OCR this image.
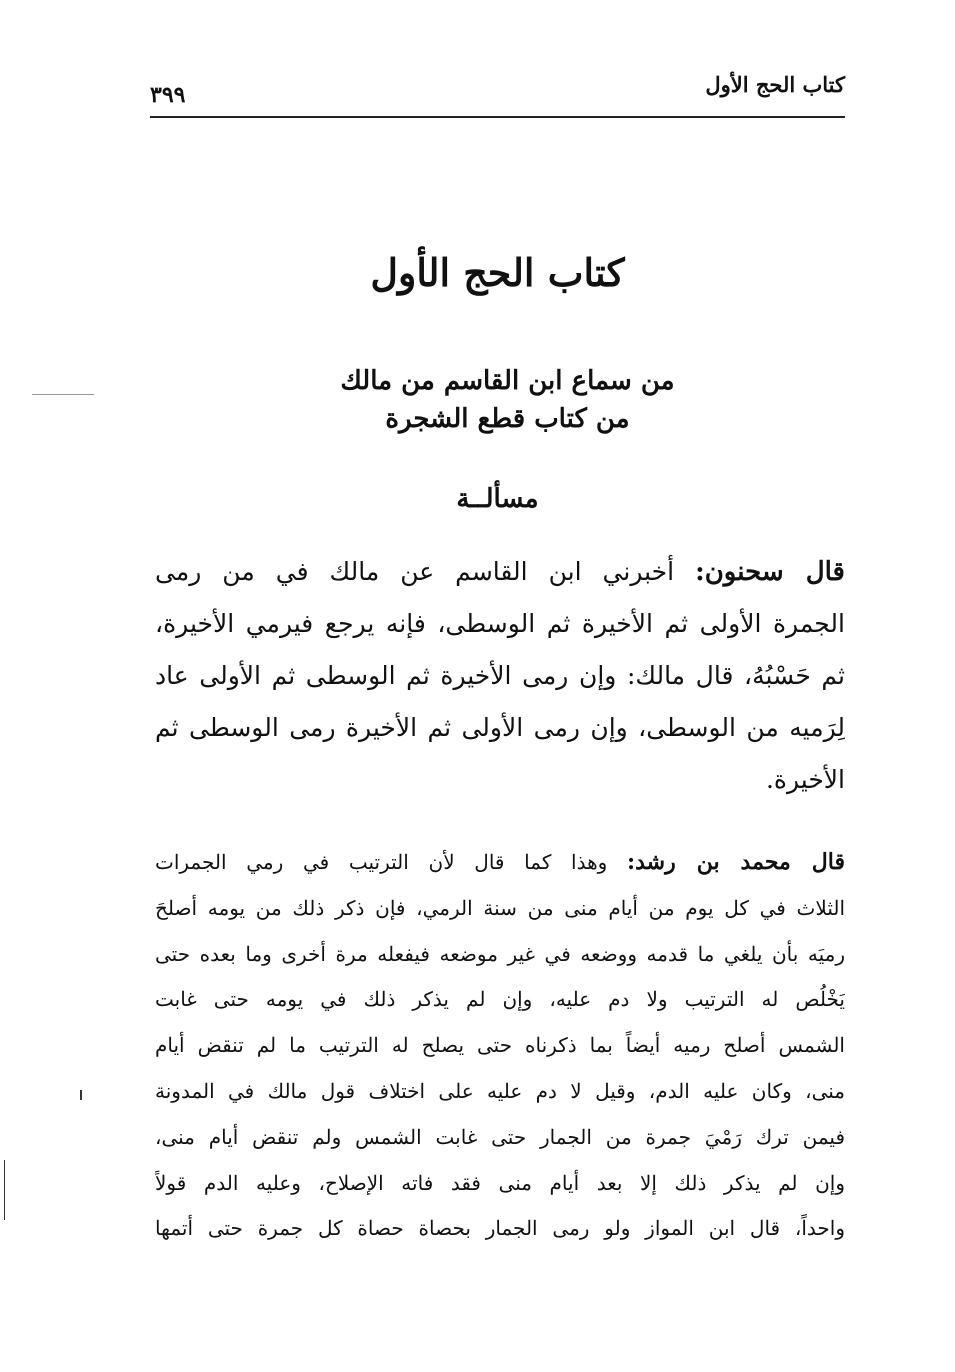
كتاب الحج الأول
٣٩٩
كتاب الحج الأول
من سماع ابن القاسم من مالك
من كتاب قطع الشجرة
مسألــة
قال سحنون: أخبرني ابن القاسم عن مالك في من رمى
الجمرة الأولى ثم الأخيرة ثم الوسطى، فإنه يرجع فيرمي الأخيرة،
ثم حَسْبُهُ، قال مالك: وإن رمى الأخيرة ثم الوسطى ثم الأولى عاد
لِرَميه من الوسطى، وإن رمى الأولى ثم الأخيرة رمى الوسطى ثم
الأخيرة.
قال محمد بن رشد: وهذا كما قال لأن الترتيب في رمي الجمرات
الثلاث في كل يوم من أيام منى من سنة الرمي، فإن ذكر ذلك من يومه أصلحَ
رميَه بأن يلغي ما قدمه ووضعه في غير موضعه فيفعله مرة أخرى وما بعده حتى
يَخْلُص له الترتيب ولا دم عليه، وإن لم يذكر ذلك في يومه حتى غابت
الشمس أصلح رميه أيضاً بما ذكرناه حتى يصلح له الترتيب ما لم تنقض أيام
منى، وكان عليه الدم، وقيل لا دم عليه على اختلاف قول مالك في المدونة
فيمن ترك رَمْيَ جمرة من الجمار حتى غابت الشمس ولم تنقض أيام منى،
وإن لم يذكر ذلك إلا بعد أيام منى فقد فاته الإصلاح، وعليه الدم قولاً
واحداً، قال ابن المواز ولو رمى الجمار بحصاة حصاة كل جمرة حتى أتمها
